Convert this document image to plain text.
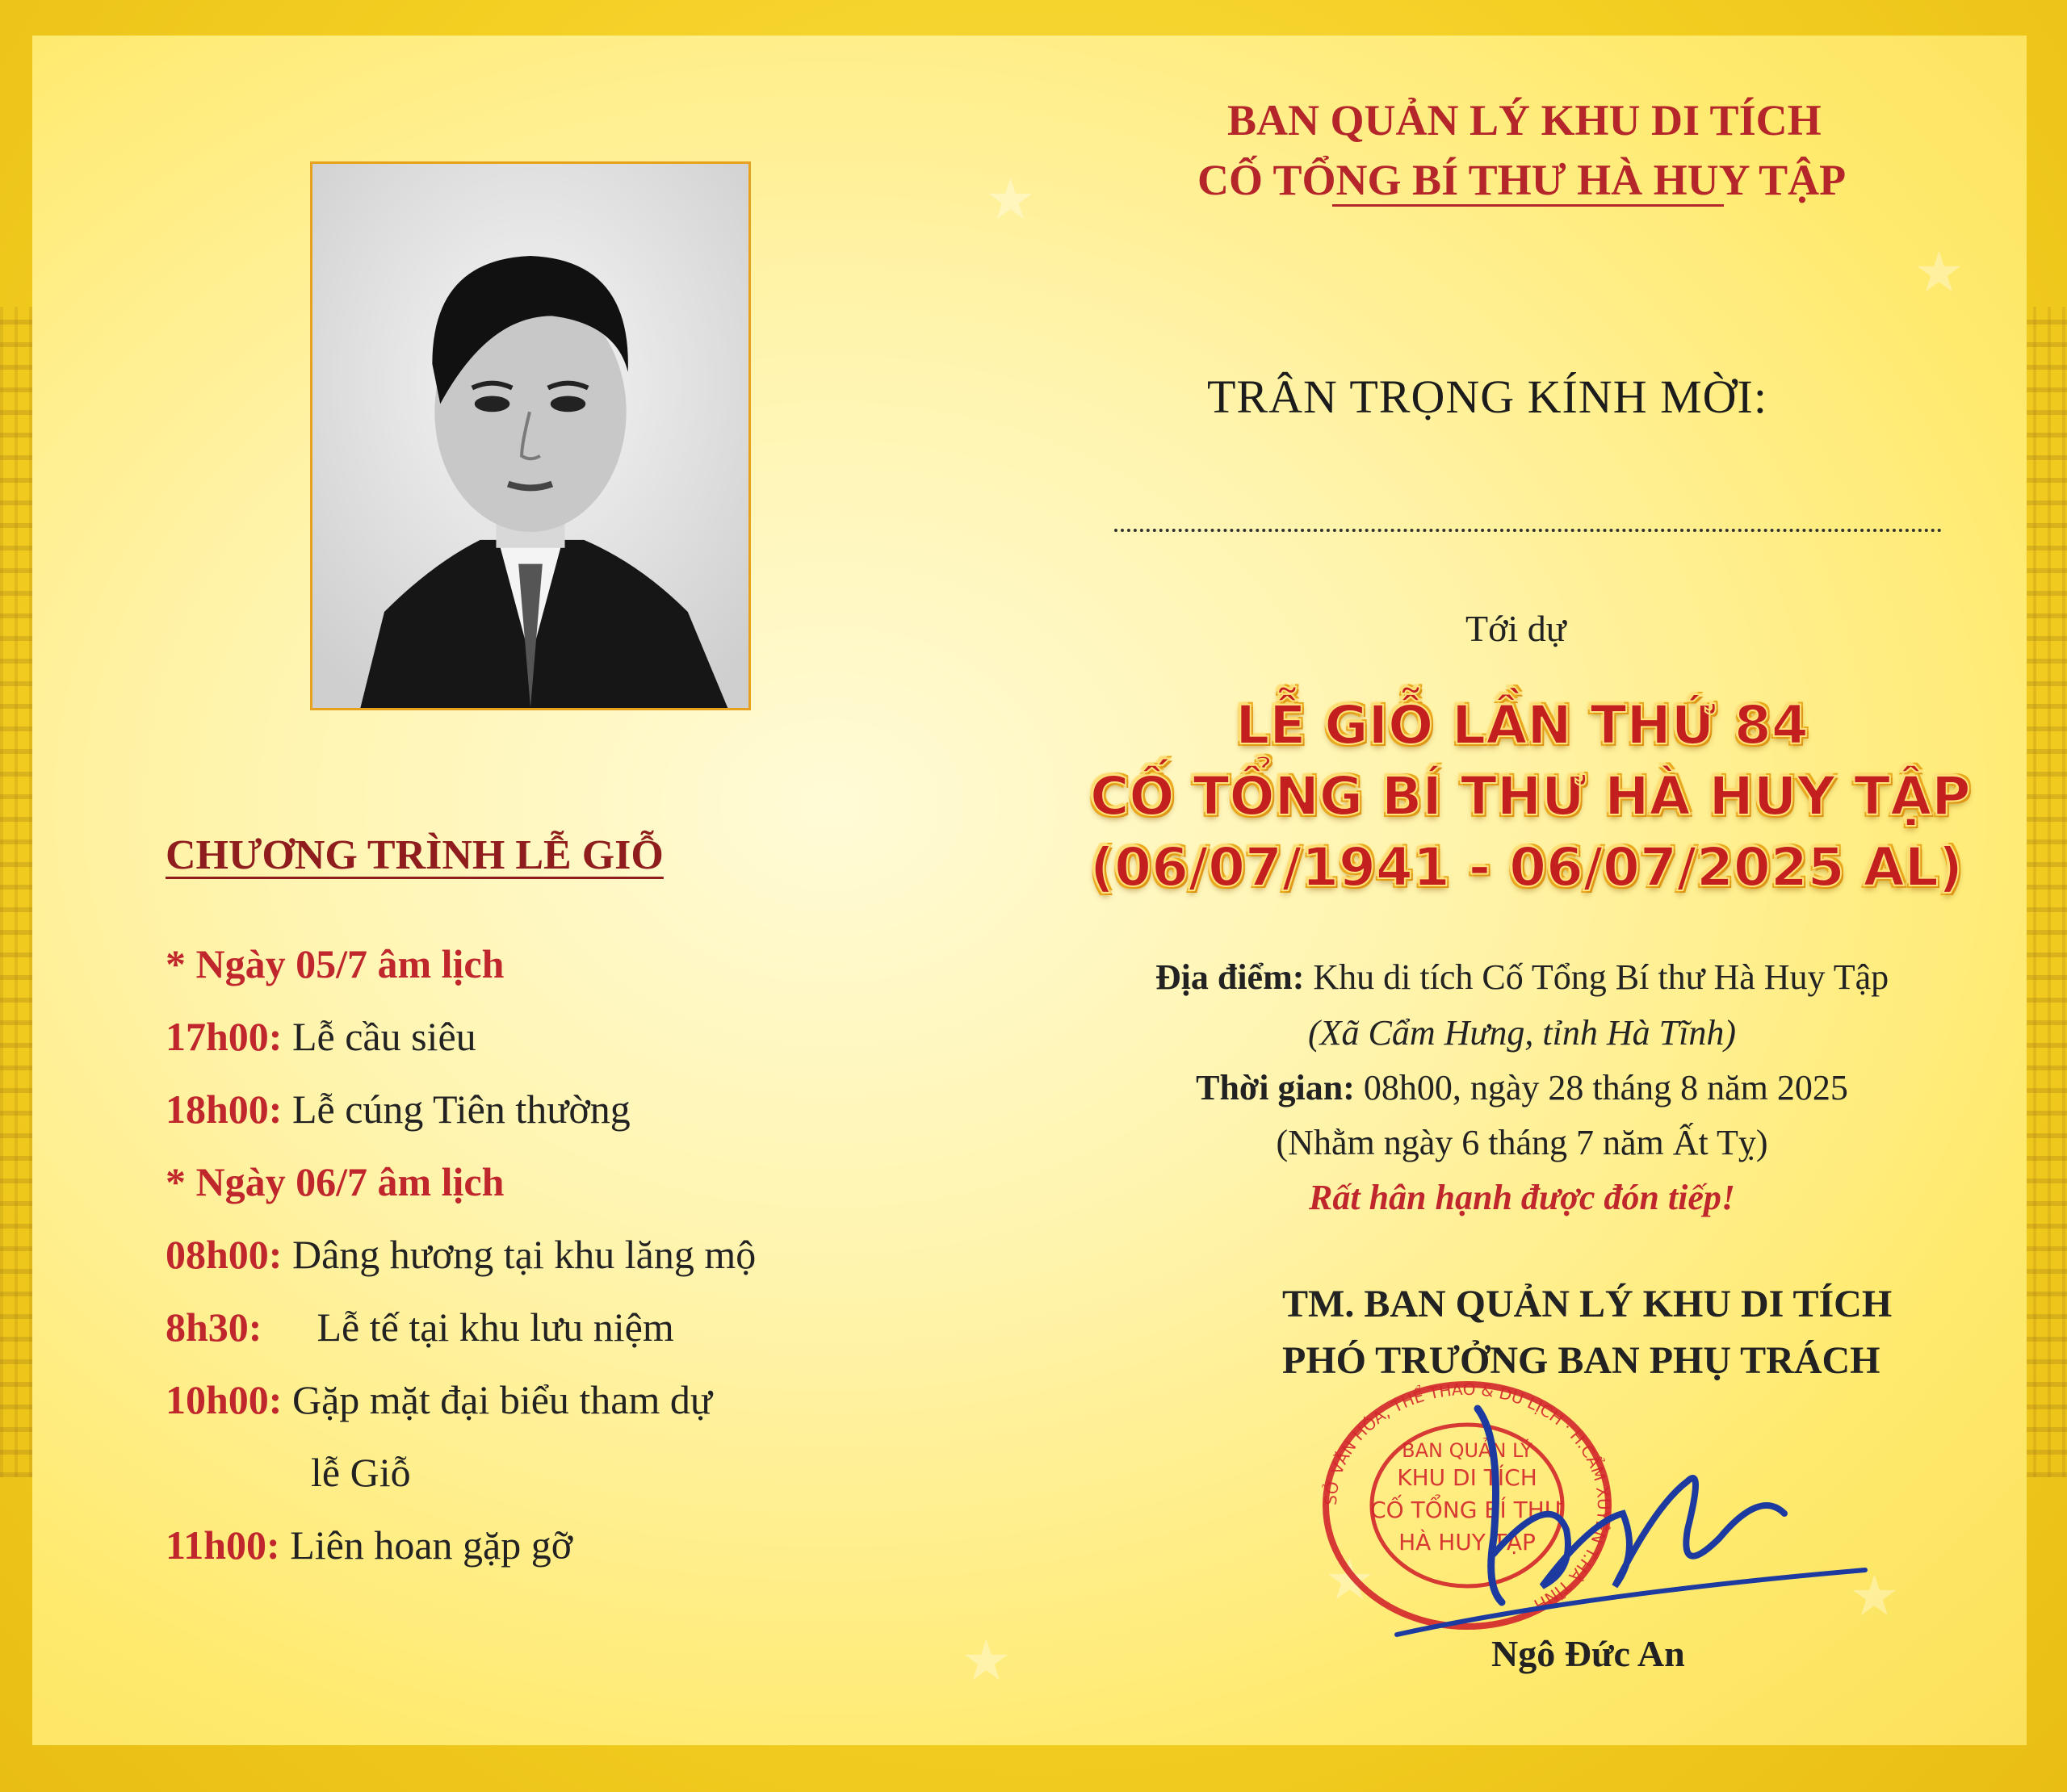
★
★	★
★
★
CHƯƠNG TRÌNH LỄ GIỖ
* Ngày 05/7 âm lịch
17h00: Lễ cầu siêu
18h00: Lễ cúng Tiên thường
* Ngày 06/7 âm lịch
08h00: Dâng hương tại khu lăng mộ
8h30: Lễ tế tại khu lưu niệm
10h00: Gặp mặt đại biểu tham dự
lễ Giỗ
11h00: Liên hoan gặp gỡ
BAN QUẢN LÝ KHU DI TÍCH
CỐ TỔNG BÍ THƯ HÀ HUY TẬP
TRÂN TRỌNG KÍNH MỜI:
Tới dự
LỄ GIỖ LẦN THỨ 84
CỐ TỔNG BÍ THƯ HÀ HUY TẬP
(06/07/1941 - 06/07/2025 AL)
Địa điểm: Khu di tích Cố Tổng Bí thư Hà Huy Tập
(Xã Cẩm Hưng, tỉnh Hà Tĩnh)
Thời gian: 08h00, ngày 28 tháng 8 năm 2025
(Nhằm ngày 6 tháng 7 năm Ất Tỵ)
Rất hân hạnh được đón tiếp!
TM. BAN QUẢN LÝ KHU DI TÍCH
PHÓ TRƯỞNG BAN PHỤ TRÁCH
BAN QUẢN LÝ
KHU DI TÍCH
CỐ TỔNG BÍ THƯ
HÀ HUY TẬP
SỞ VĂN HÓA, THỂ THAO & DU LỊCH · H.CẨM XUYÊN T.HÀ TĨNH
Ngô Đức An
